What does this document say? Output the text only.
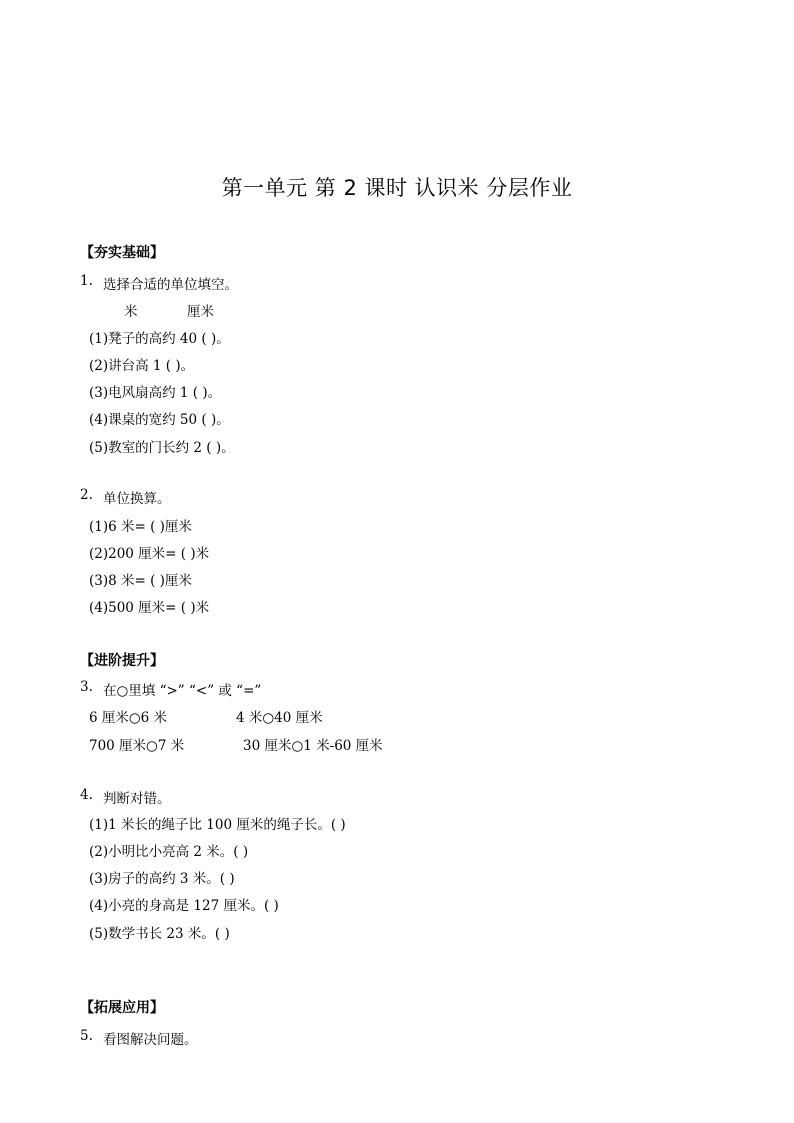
第一单元 第 2 课时 认识米 分层作业
【夯实基础】
1. 选择合适的单位填空。
米	厘米
(1)凳子的高约 40 ( )。
(2)讲台高 1 ( )。
(3)电风扇高约 1 ( )。
(4)课桌的宽约 50 ( )。
(5)教室的门长约 2 ( )。
2. 单位换算。
(1)6 米= ( )厘米
(2)200 厘米= ( )米
(3)8 米= ( )厘米
(4)500 厘米= ( )米
【进阶提升】
3. 在○里填 “>” “<” 或 “=”
6 厘米○6 米	4 米○40 厘米
700 厘米○7 米	30 厘米○1 米-60 厘米
4. 判断对错。
(1)1 米长的绳子比 100 厘米的绳子长。( )
(2)小明比小亮高 2 米。( )
(3)房子的高约 3 米。( )
(4)小亮的身高是 127 厘米。( )
(5)数学书长 23 米。( )
【拓展应用】
5. 看图解决问题。
